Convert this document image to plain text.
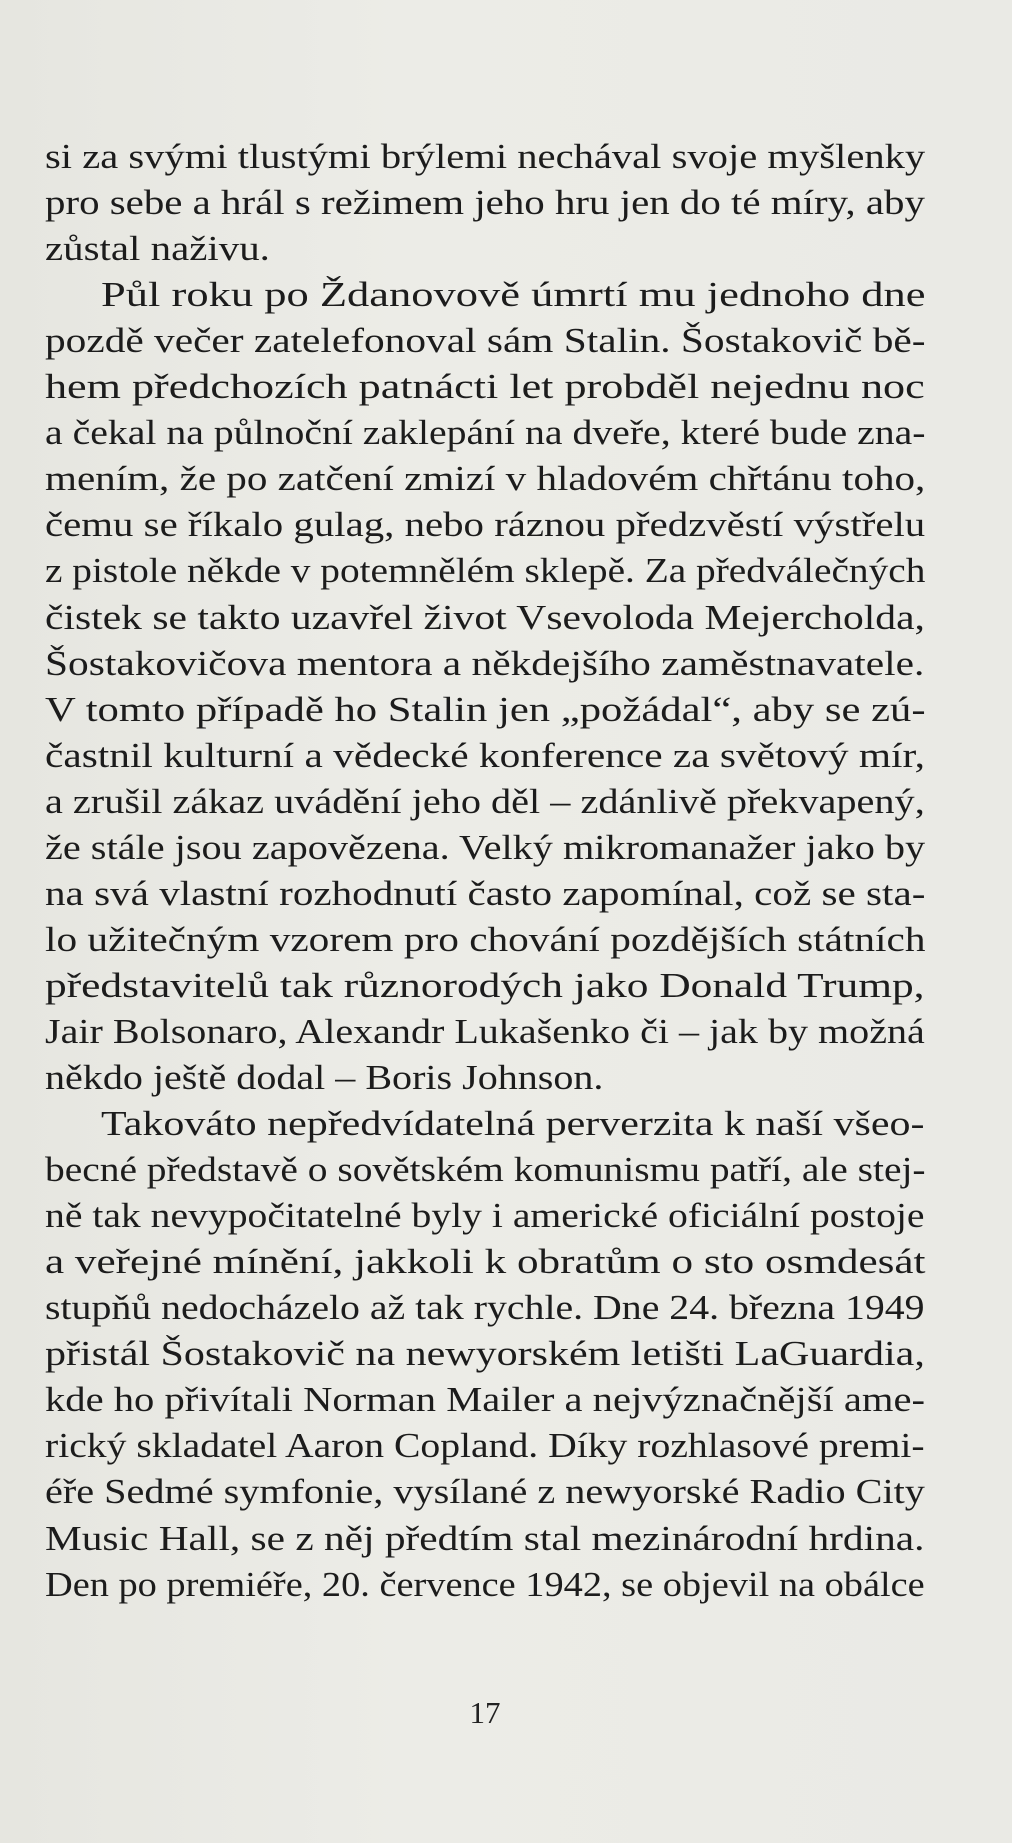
si za svými tlustými brýlemi nechával svoje myšlenky
pro sebe a hrál s režimem jeho hru jen do té míry, aby
zůstal naživu.
Půl roku po Ždanovově úmrtí mu jednoho dne
pozdě večer zatelefonoval sám Stalin. Šostakovič bě-
hem předchozích patnácti let probděl nejednu noc
a čekal na půlnoční zaklepání na dveře, které bude zna-
mením, že po zatčení zmizí v hladovém chřtánu toho,
čemu se říkalo gulag, nebo ráznou předzvěstí výstřelu
z pistole někde v potemnělém sklepě. Za předválečných
čistek se takto uzavřel život Vsevoloda Mejercholda,
Šostakovičova mentora a někdejšího zaměstnavatele.
V tomto případě ho Stalin jen „požádal“, aby se zú-
častnil kulturní a vědecké konference za světový mír,
a zrušil zákaz uvádění jeho děl – zdánlivě překvapený,
že stále jsou zapovězena. Velký mikromanažer jako by
na svá vlastní rozhodnutí často zapomínal, což se sta-
lo užitečným vzorem pro chování pozdějších státních
představitelů tak různorodých jako Donald Trump,
Jair Bolsonaro, Alexandr Lukašenko či – jak by možná
někdo ještě dodal – Boris Johnson.
Takováto nepředvídatelná perverzita k naší všeo-
becné představě o sovětském komunismu patří, ale stej-
ně tak nevypočitatelné byly i americké oficiální postoje
a veřejné mínění, jakkoli k obratům o sto osmdesát
stupňů nedocházelo až tak rychle. Dne 24. března 1949
přistál Šostakovič na newyorském letišti LaGuardia,
kde ho přivítali Norman Mailer a nejvýznačnější ame-
rický skladatel Aaron Copland. Díky rozhlasové premi-
éře Sedmé symfonie, vysílané z newyorské Radio City
Music Hall, se z něj předtím stal mezinárodní hrdina.
Den po premiéře, 20. července 1942, se objevil na obálce
17
